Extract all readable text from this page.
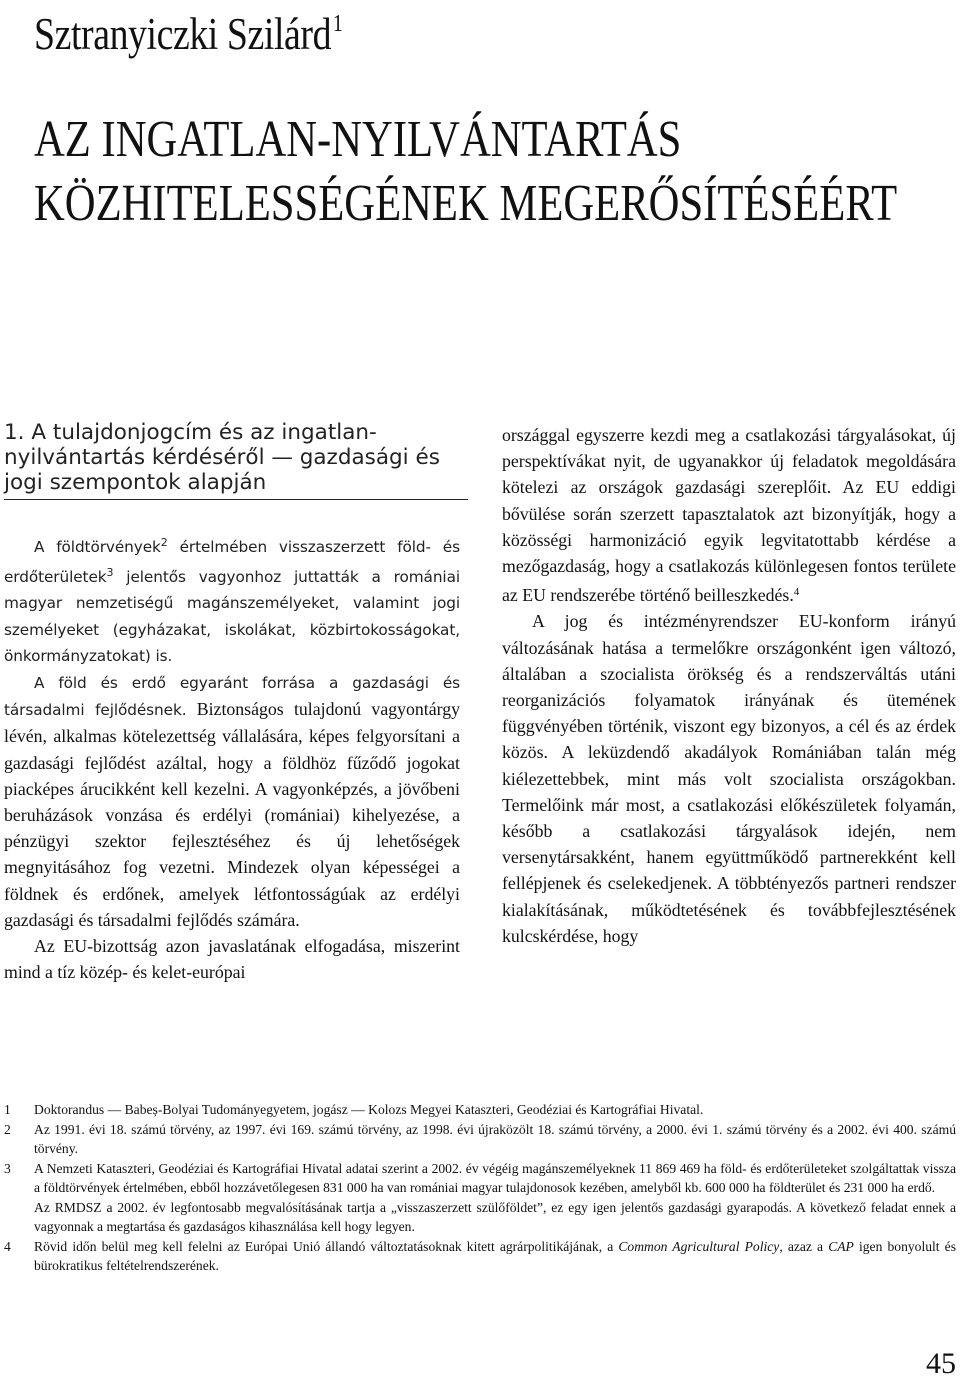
Sztranyiczki Szilárd$^1$
AZ INGATLAN-NYILVÁNTARTÁS
KÖZHITELESSÉGÉNEK MEGERŐSÍTÉSÉÉRT
1. A tulajdonjogcím és az ingatlan-nyilvántartás kérdéséről — gazdasági és jogi szempontok alapján

A földtörvények$^2$ értelmében visszaszerzett föld- és erdőterületek$^3$ jelentős vagyonhoz juttatták a romániai magyar nemzetiségű magánszemélyeket, valamint jogi személyeket (egyházakat, iskolákat, közbirtokosságokat, önkormányzatokat) is.

A föld és erdő egyaránt forrása a gazdasági és társadalmi fejlődésnek. Biztonságos tulajdonú vagyontárgy lévén, alkalmas kötelezettség vállalására, képes felgyorsítani a gazdasági fejlődést azáltal, hogy a földhöz fűződő jogokat piacképes árucikként kell kezelni. A vagyonképzés, a jövőbeni beruházások vonzása és erdélyi (romániai) kihelyezése, a pénzügyi szektor fejlesztéséhez és új lehetőségek megnyitásához fog vezetni. Mindezek olyan képességei a földnek és erdőnek, amelyek létfontosságúak az erdélyi gazdasági és társadalmi fejlődés számára.

Az EU-bizottság azon javaslatának elfogadása, miszerint mind a tíz közép- és kelet-európai

országgal egyszerre kezdi meg a csatlakozási tárgyalásokat, új perspektívákat nyit, de ugyanakkor új feladatok megoldására kötelezi az országok gazdasági szereplőit. Az EU eddigi bővülése során szerzett tapasztalatok azt bizonyítják, hogy a közösségi harmonizáció egyik legvitatottabb kérdése a mezőgazdaság, hogy a csatlakozás különlegesen fontos területe az EU rendszerébe történő beilleszkedés.$^4$

A jog és intézményrendszer EU-konform irányú változásának hatása a termelőkre országonként igen változó, általában a szocialista örökség és a rendszerváltás utáni reorganizációs folyamatok irányának és ütemének függvényében történik, viszont egy bizonyos, a cél és az érdek közös. A leküzdendő akadályok Romániában talán még kiélezettebbek, mint más volt szocialista országokban. Termelőink már most, a csatlakozási előkészületek folyamán, később a csatlakozási tárgyalások idején, nem versenytársakként, hanem együttműködő partnerekként kell fellépjenek és cselekedjenek. A többtényezős partneri rendszer kialakításának, működtetésének és továbbfejlesztésének kulcskérdése, hogy

1	Doktorandus — Babeș-Bolyai Tudományegyetem, jogász — Kolozs Megyei Kataszteri, Geodéziai és Kartográfiai Hivatal.
2	Az 1991. évi 18. számú törvény, az 1997. évi 169. számú törvény, az 1998. évi újraközölt 18. számú törvény, a 2000. évi 1. számú törvény és a 2002. évi 400. számú törvény.
3	A Nemzeti Kataszteri, Geodéziai és Kartográfiai Hivatal adatai szerint a 2002. év végéig magánszemélyeknek 11 869 469 ha föld- és erdőterületeket szolgáltattak vissza a földtörvények értelmében, ebből hozzávetőlegesen 831 000 ha van romániai magyar tulajdonosok kezében, amelyből kb. 600 000 ha földterület és 231 000 ha erdő.
Az RMDSZ a 2002. év legfontosabb megvalósításának tartja a „visszaszerzett szülőföldet”, ez egy igen jelentős gazdasági gyarapodás. A következő feladat ennek a vagyonnak a megtartása és gazdaságos kihasználása kell hogy legyen.
4	Rövid időn belül meg kell felelni az Európai Unió állandó változtatásoknak kitett agrárpolitikájának, a Common Agricultural Policy, azaz a CAP igen bonyolult és bürokratikus feltételrendszerének.
45
